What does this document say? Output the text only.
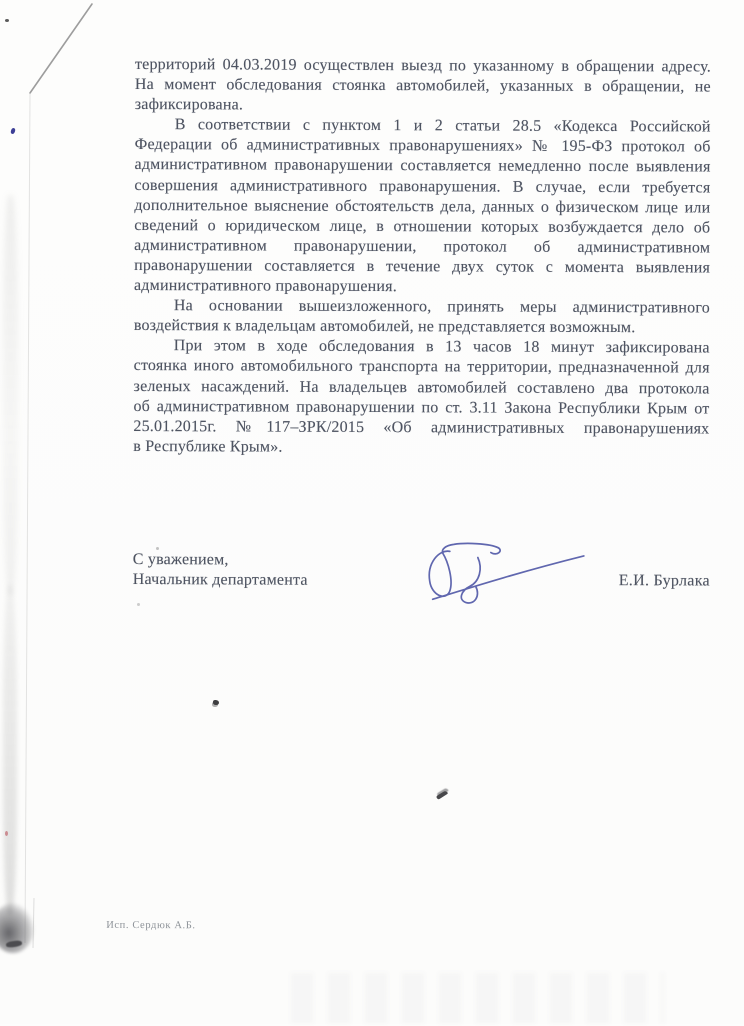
территорий 04.03.2019 осуществлен выезд по указанному в обращении адресу.
На момент обследования стоянка автомобилей, указанных в обращении, не
зафиксирована.
В соответствии с пунктом 1 и 2 статьи 28.5 «Кодекса Российской
Федерации об административных правонарушениях» № 195-ФЗ протокол об
административном правонарушении составляется немедленно после выявления
совершения административного правонарушения. В случае, если требуется
дополнительное выяснение обстоятельств дела, данных о физическом лице или
сведений о юридическом лице, в отношении которых возбуждается дело об
административном правонарушении, протокол об административном
правонарушении составляется в течение двух суток с момента выявления
административного правонарушения.
На основании вышеизложенного, принять меры административного
воздействия к владельцам автомобилей, не представляется возможным.
При этом в ходе обследования в 13 часов 18 минут зафиксирована
стоянка иного автомобильного транспорта на территории, предназначенной для
зеленых насаждений. На владельцев автомобилей составлено два протокола
об административном правонарушении по ст. 3.11 Закона Республики Крым от
25.01.2015г. №117–ЗРК/2015 «Об административных правонарушениях
в Республике Крым».
С уважением,
Начальник департамента	Е.И. Бурлака
Исп. Сердюк А.Б.
